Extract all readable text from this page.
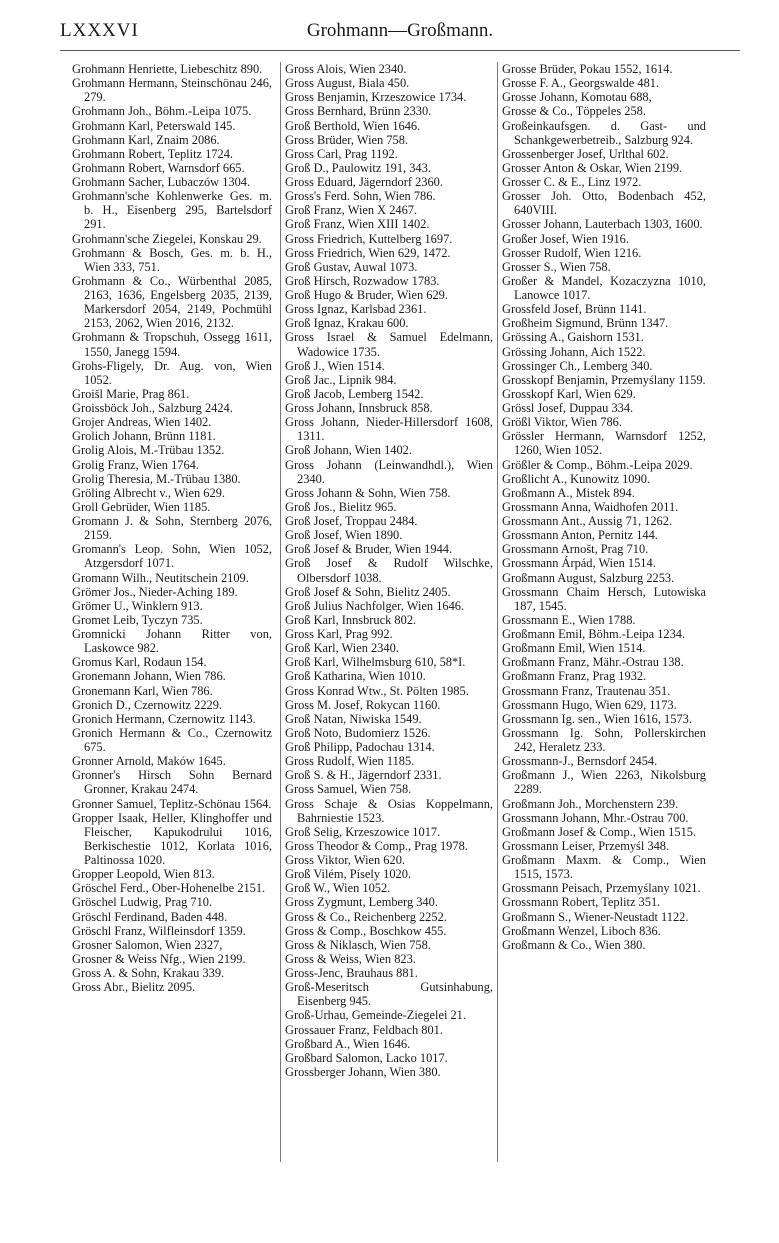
LXXXVI	Grohmann—Großmann.

Grohmann Henriette, Liebeschitz 890.

Grohmann Hermann, Steinschönau 246, 279.

Grohmann Joh., Böhm.-Leipa 1075.

Grohmann Karl, Peterswald 145.

Grohmann Karl, Znaim 2086.

Grohmann Robert, Teplitz 1724.

Grohmann Robert, Warnsdorf 665.

Grohmann Sacher, Lubaczów 1304.

Grohmann'sche Kohlenwerke Ges. m. b. H., Eisenberg 295, Bartelsdorf 291.

Grohmann'sche Ziegelei, Konskau 29.

Grohmann & Bosch, Ges. m. b. H., Wien 333, 751.

Grohmann & Co., Würbenthal 2085, 2163, 1636, Engelsberg 2035, 2139, Markersdorf 2054, 2149, Pochmühl 2153, 2062, Wien 2016, 2132.

Grohmann & Tropschuh, Ossegg 1611, 1550, Janegg 1594.

Grohs-Fligely, Dr. Aug. von, Wien 1052.

Groišl Marie, Prag 861.

Groissböck Joh., Salzburg 2424.

Grojer Andreas, Wien 1402.

Grolich Johann, Brünn 1181.

Grolig Alois, M.-Trübau 1352.

Grolig Franz, Wien 1764.

Grolig Theresia, M.-Trübau 1380.

Gröling Albrecht v., Wien 629.

Groll Gebrüder, Wien 1185.

Gromann J. & Sohn, Sternberg 2076, 2159.

Gromann's Leop. Sohn, Wien 1052, Atzgersdorf 1071.

Gromann Wilh., Neutitschein 2109.

Grömer Jos., Nieder-Aching 189.

Grömer U., Winklern 913.

Gromet Leib, Tyczyn 735.

Gromnicki Johann Ritter von, Laskowce 982.

Gromus Karl, Rodaun 154.

Gronemann Johann, Wien 786.

Gronemann Karl, Wien 786.

Gronich D., Czernowitz 2229.

Gronich Hermann, Czernowitz 1143.

Gronich Hermann & Co., Czernowitz 675.

Gronner Arnold, Maków 1645.

Gronner's Hirsch Sohn Bernard Gronner, Krakau 2474.

Gronner Samuel, Teplitz-Schönau 1564.

Gropper Isaak, Heller, Klinghoffer und Fleischer, Kapukodrului 1016, Berkischestie 1012, Korlata 1016, Paltinossa 1020.

Gropper Leopold, Wien 813.

Gröschel Ferd., Ober-Hohenelbe 2151.

Gröschel Ludwig, Prag 710.

Gröschl Ferdinand, Baden 448.

Gröschl Franz, Wilfleinsdorf 1359.

Grosner Salomon, Wien 2327,

Grosner & Weiss Nfg., Wien 2199.

Gross A. & Sohn, Krakau 339.

Gross Abr., Bielitz 2095.

Gross Alois, Wien 2340.

Gross August, Biala 450.

Gross Benjamin, Krzeszowice 1734.

Gross Bernhard, Brünn 2330.

Groß Berthold, Wien 1646.

Gross Brüder, Wien 758.

Gross Carl, Prag 1192.

Groß D., Paulowitz 191, 343.

Gross Eduard, Jägerndorf 2360.

Gross's Ferd. Sohn, Wien 786.

Groß Franz, Wien X 2467.

Groß Franz, Wien XIII 1402.

Gross Friedrich, Kuttelberg 1697.

Gross Friedrich, Wien 629, 1472.

Groß Gustav, Auwal 1073.

Groß Hirsch, Rozwadow 1783.

Groß Hugo & Bruder, Wien 629.

Gross Ignaz, Karlsbad 2361.

Groß Ignaz, Krakau 600.

Gross Israel & Samuel Edelmann, Wadowice 1735.

Groß J., Wien 1514.

Groß Jac., Lipnik 984.

Groß Jacob, Lemberg 1542.

Gross Johann, Innsbruck 858.

Gross Johann, Nieder-Hillersdorf 1608, 1311.

Groß Johann, Wien 1402.

Gross Johann (Leinwandhdl.), Wien 2340.

Gross Johann & Sohn, Wien 758.

Groß Jos., Bielitz 965.

Groß Josef, Troppau 2484.

Groß Josef, Wien 1890.

Groß Josef & Bruder, Wien 1944.

Groß Josef & Rudolf Wilschke, Olbersdorf 1038.

Groß Josef & Sohn, Bielitz 2405.

Groß Julius Nachfolger, Wien 1646.

Groß Karl, Innsbruck 802.

Gross Karl, Prag 992.

Groß Karl, Wien 2340.

Groß Karl, Wilhelmsburg 610, 58*I.

Groß Katharina, Wien 1010.

Gross Konrad Wtw., St. Pölten 1985.

Gross M. Josef, Rokycan 1160.

Groß Natan, Niwiska 1549.

Groß Noto, Budomierz 1526.

Groß Philipp, Padochau 1314.

Gross Rudolf, Wien 1185.

Groß S. & H., Jägerndorf 2331.

Gross Samuel, Wien 758.

Gross Schaje & Osias Koppelmann, Bahrniestie 1523.

Groß Selig, Krzeszowice 1017.

Gross Theodor & Comp., Prag 1978.

Gross Viktor, Wien 620.

Groß Vilém, Písely 1020.

Groß W., Wien 1052.

Gross Zygmunt, Lemberg 340.

Gross & Co., Reichenberg 2252.

Gross & Comp., Boschkow 455.

Gross & Niklasch, Wien 758.

Gross & Weiss, Wien 823.

Gross-Jenc, Brauhaus 881.

Groß-Meseritsch Gutsinhabung, Eisenberg 945.

Groß-Urhau, Gemeinde-Ziegelei 21.

Grossauer Franz, Feldbach 801.

Großbard A., Wien 1646.

Großbard Salomon, Lacko 1017.

Grossberger Johann, Wien 380.

Grosse Brüder, Pokau 1552, 1614.

Grosse F. A., Georgswalde 481.

Grosse Johann, Komotau 688,

Grosse & Co., Töppeles 258.

Großeinkaufsgen. d. Gast- und Schankgewerbetreib., Salzburg 924.

Grossenberger Josef, Urlthal 602.

Grosser Anton & Oskar, Wien 2199.

Grosser C. & E., Linz 1972.

Grosser Joh. Otto, Bodenbach 452, 640VIII.

Grosser Johann, Lauterbach 1303, 1600.

Großer Josef, Wien 1916.

Grosser Rudolf, Wien 1216.

Grosser S., Wien 758.

Großer & Mandel, Kozaczyzna 1010, Lanowce 1017.

Grossfeld Josef, Brünn 1141.

Großheim Sigmund, Brünn 1347.

Grössing A., Gaishorn 1531.

Grössing Johann, Aich 1522.

Grossinger Ch., Lemberg 340.

Grosskopf Benjamin, Przemyślany 1159.

Grosskopf Karl, Wien 629.

Grössl Josef, Duppau 334.

Größl Viktor, Wien 786.

Grössler Hermann, Warnsdorf 1252, 1260, Wien 1052.

Größler & Comp., Böhm.-Leipa 2029.

Großlicht A., Kunowitz 1090.

Großmann A., Mistek 894.

Grossmann Anna, Waidhofen 2011.

Grossmann Ant., Aussig 71, 1262.

Grossmann Anton, Pernitz 144.

Grossmann Arnošt, Prag 710.

Grossmann Árpád, Wien 1514.

Großmann August, Salzburg 2253.

Grossmann Chaim Hersch, Lutowiska 187, 1545.

Grossmann E., Wien 1788.

Großmann Emil, Böhm.-Leipa 1234.

Großmann Emil, Wien 1514.

Großmann Franz, Mähr.-Ostrau 138.

Großmann Franz, Prag 1932.

Grossmann Franz, Trautenau 351.

Grossmann Hugo, Wien 629, 1173.

Grossmann Ig. sen., Wien 1616, 1573.

Grossmann Ig. Sohn, Pollerskirchen 242, Heraletz 233.

Grossmann-J., Bernsdorf 2454.

Großmann J., Wien 2263, Nikolsburg 2289.

Großmann Joh., Morchenstern 239.

Grossmann Johann, Mhr.-Ostrau 700.

Großmann Josef & Comp., Wien 1515.

Grossmann Leiser, Przemyśl 348.

Großmann Maxm. & Comp., Wien 1515, 1573.

Grossmann Peisach, Przemyślany 1021.

Grossmann Robert, Teplitz 351.

Großmann S., Wiener-Neustadt 1122.

Großmann Wenzel, Liboch 836.

Großmann & Co., Wien 380.
